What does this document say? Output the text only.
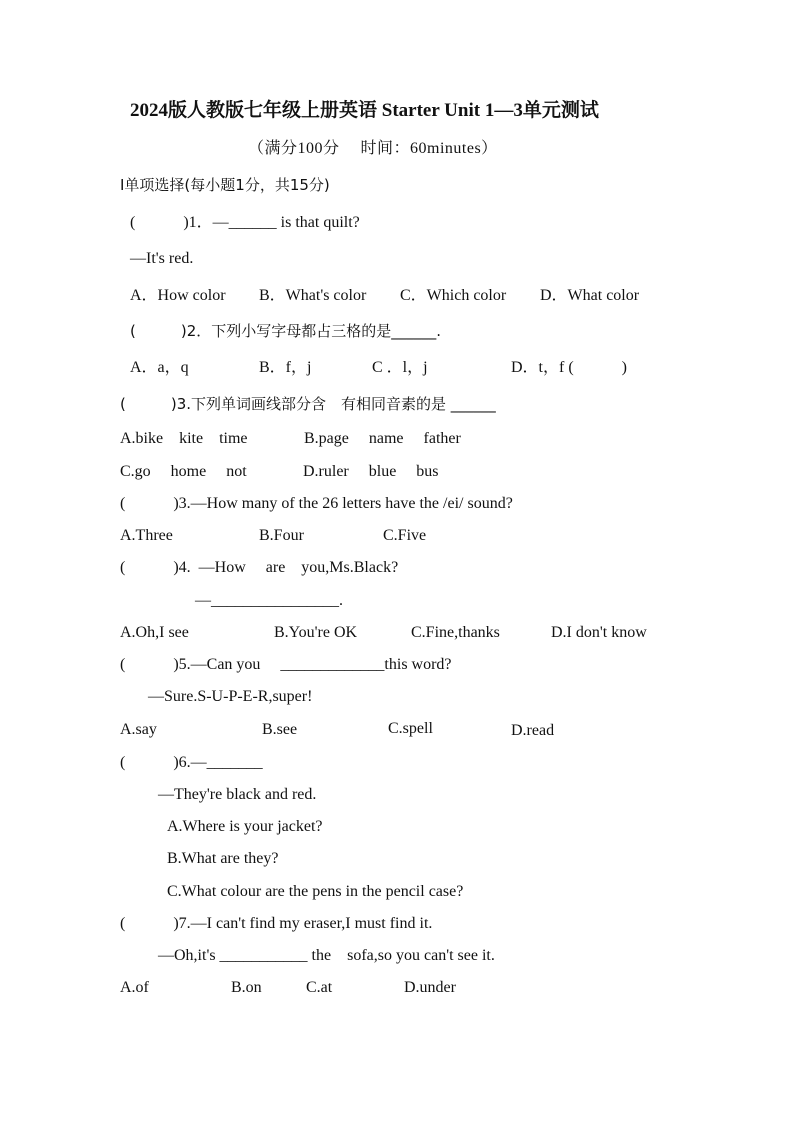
2024版人教版七年级上册英语 Starter Unit 1—3单元测试
（满分100分　 时间：60minutes）
I单项选择(每小题1分，共15分)
(　　　)1．—______ is that quilt?
—It's red.
A．How color B．What's color C．Which color D．What color
(　　　)2．下列小写字母都占三格的是______.
A．a，q	B．f，j	C ．l，j	D．t，f (　　　)
(　　　)3.下列单词画线部分含　有相同音素的是 ______
A.bike　kite　time	B.page　 name　 father
C.go　 home　 not	D.ruler　 blue　 bus
(　　　)3.—How many of the 26 letters have the /ei/ sound?
A.Three	B.Four	C.Five
(　　　)4.  —How　 are　you,Ms.Black?
—________________.
A.Oh,I see	B.You're OK	C.Fine,thanks	D.I don't know
(　　　)5.—Can you　 _____________this word?
—Sure.S-U-P-E-R,super!
A.say	B.see	C.spell	D.read
(　　　)6.—_______
—They're black and red.
A.Where is your jacket?
B.What are they?
C.What colour are the pens in the pencil case?
(　　　)7.—I can't find my eraser,I must find it.
—Oh,it's ___________ the　sofa,so you can't see it.
A.of	B.on	C.at	D.under
